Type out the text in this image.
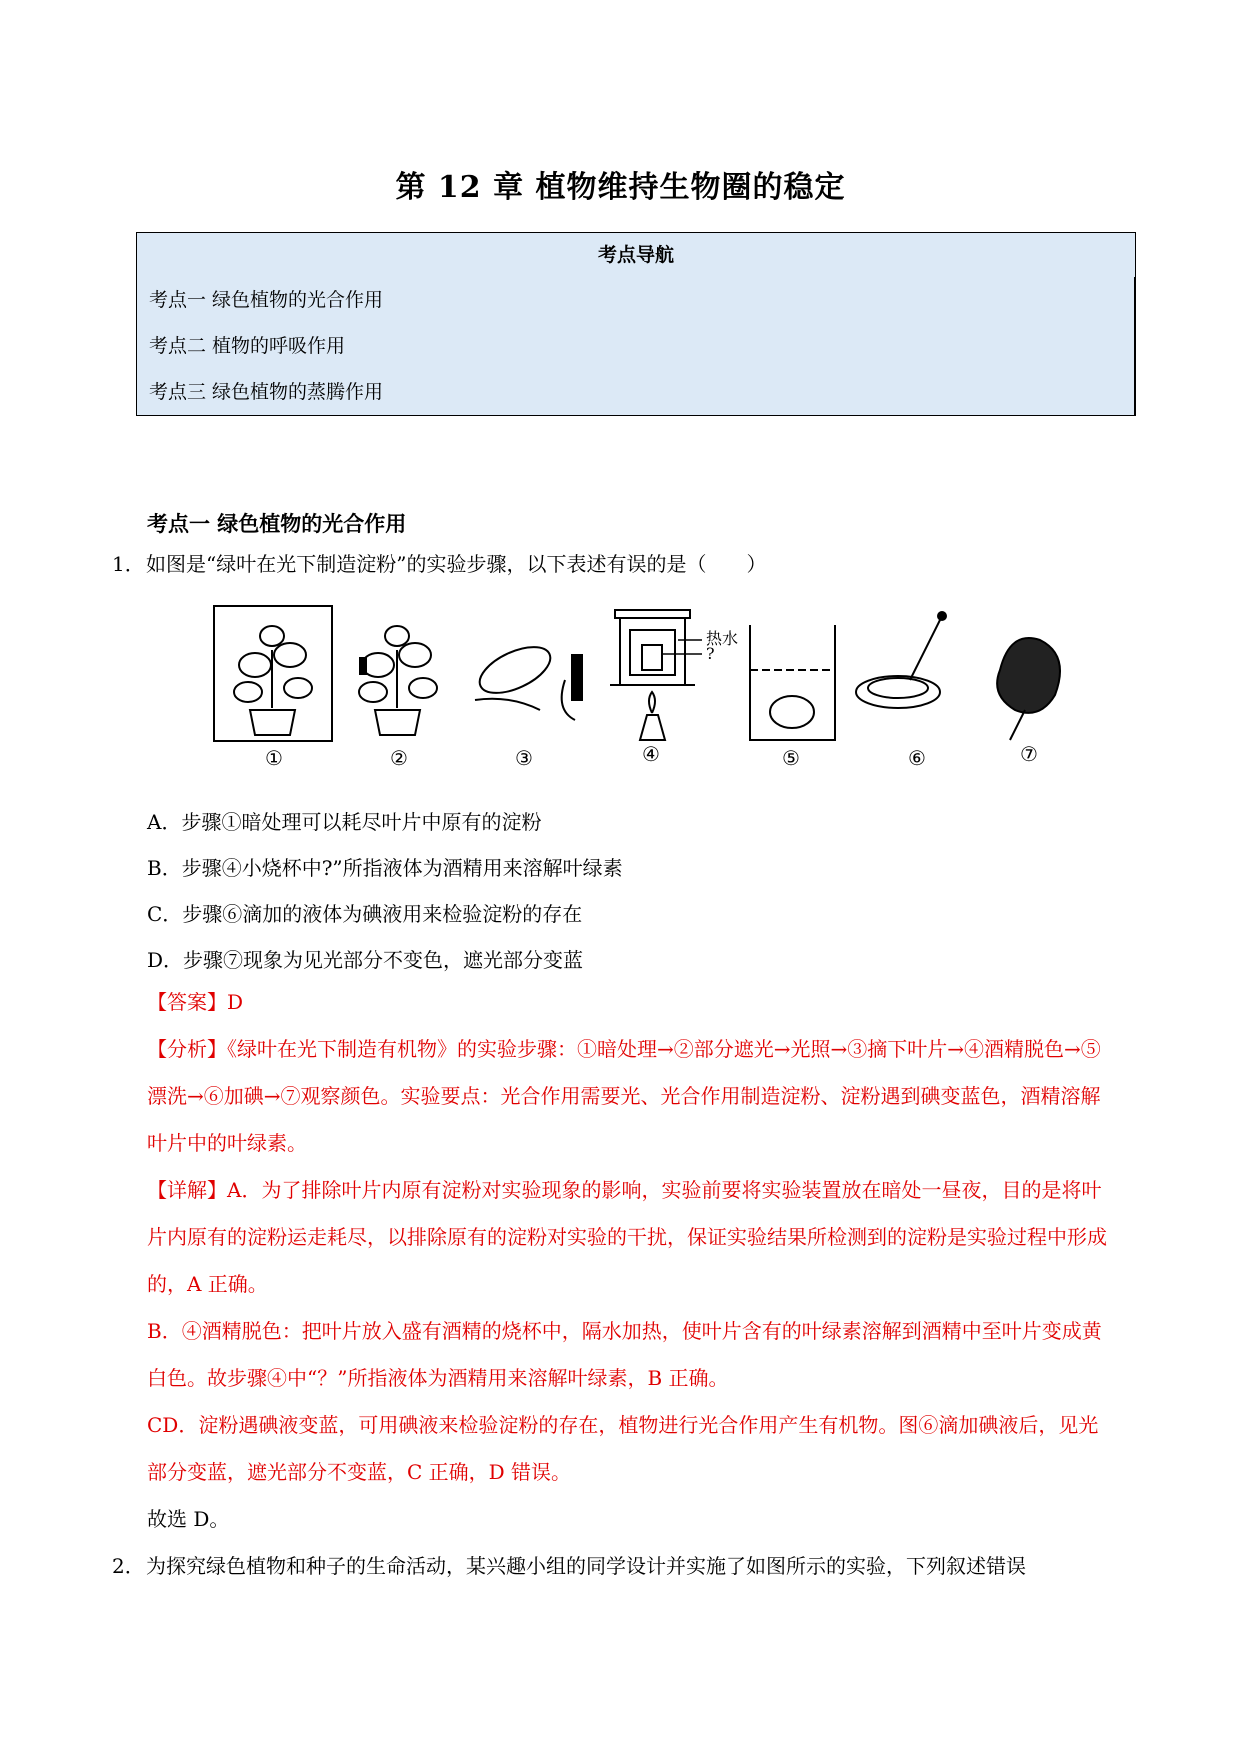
第 12 章 植物维持生物圈的稳定
考点导航
考点一 绿色植物的光合作用
考点二 植物的呼吸作用
考点三 绿色植物的蒸腾作用
考点一 绿色植物的光合作用
1．如图是“绿叶在光下制造淀粉”的实验步骤，以下表述有误的是（　　）
热水
?
①	②	③	④	⑤	⑥	⑦
A．步骤①暗处理可以耗尽叶片中原有的淀粉
B．步骤④小烧杯中?”所指液体为酒精用来溶解叶绿素
C．步骤⑥滴加的液体为碘液用来检验淀粉的存在
D．步骤⑦现象为见光部分不变色，遮光部分变蓝
【答案】D
【分析】《绿叶在光下制造有机物》的实验步骤：①暗处理→②部分遮光→光照→③摘下叶片→④酒精脱色→⑤漂洗→⑥加碘→⑦观察颜色。实验要点：光合作用需要光、光合作用制造淀粉、淀粉遇到碘变蓝色，酒精溶解叶片中的叶绿素。
【详解】A．为了排除叶片内原有淀粉对实验现象的影响，实验前要将实验装置放在暗处一昼夜，目的是将叶片内原有的淀粉运走耗尽，以排除原有的淀粉对实验的干扰，保证实验结果所检测到的淀粉是实验过程中形成的，A 正确。
B．④酒精脱色：把叶片放入盛有酒精的烧杯中，隔水加热，使叶片含有的叶绿素溶解到酒精中至叶片变成黄白色。故步骤④中“？”所指液体为酒精用来溶解叶绿素，B 正确。
CD．淀粉遇碘液变蓝，可用碘液来检验淀粉的存在，植物进行光合作用产生有机物。图⑥滴加碘液后，见光部分变蓝，遮光部分不变蓝，C 正确，D 错误。
故选 D。
2．为探究绿色植物和种子的生命活动，某兴趣小组的同学设计并实施了如图所示的实验，下列叙述错误
